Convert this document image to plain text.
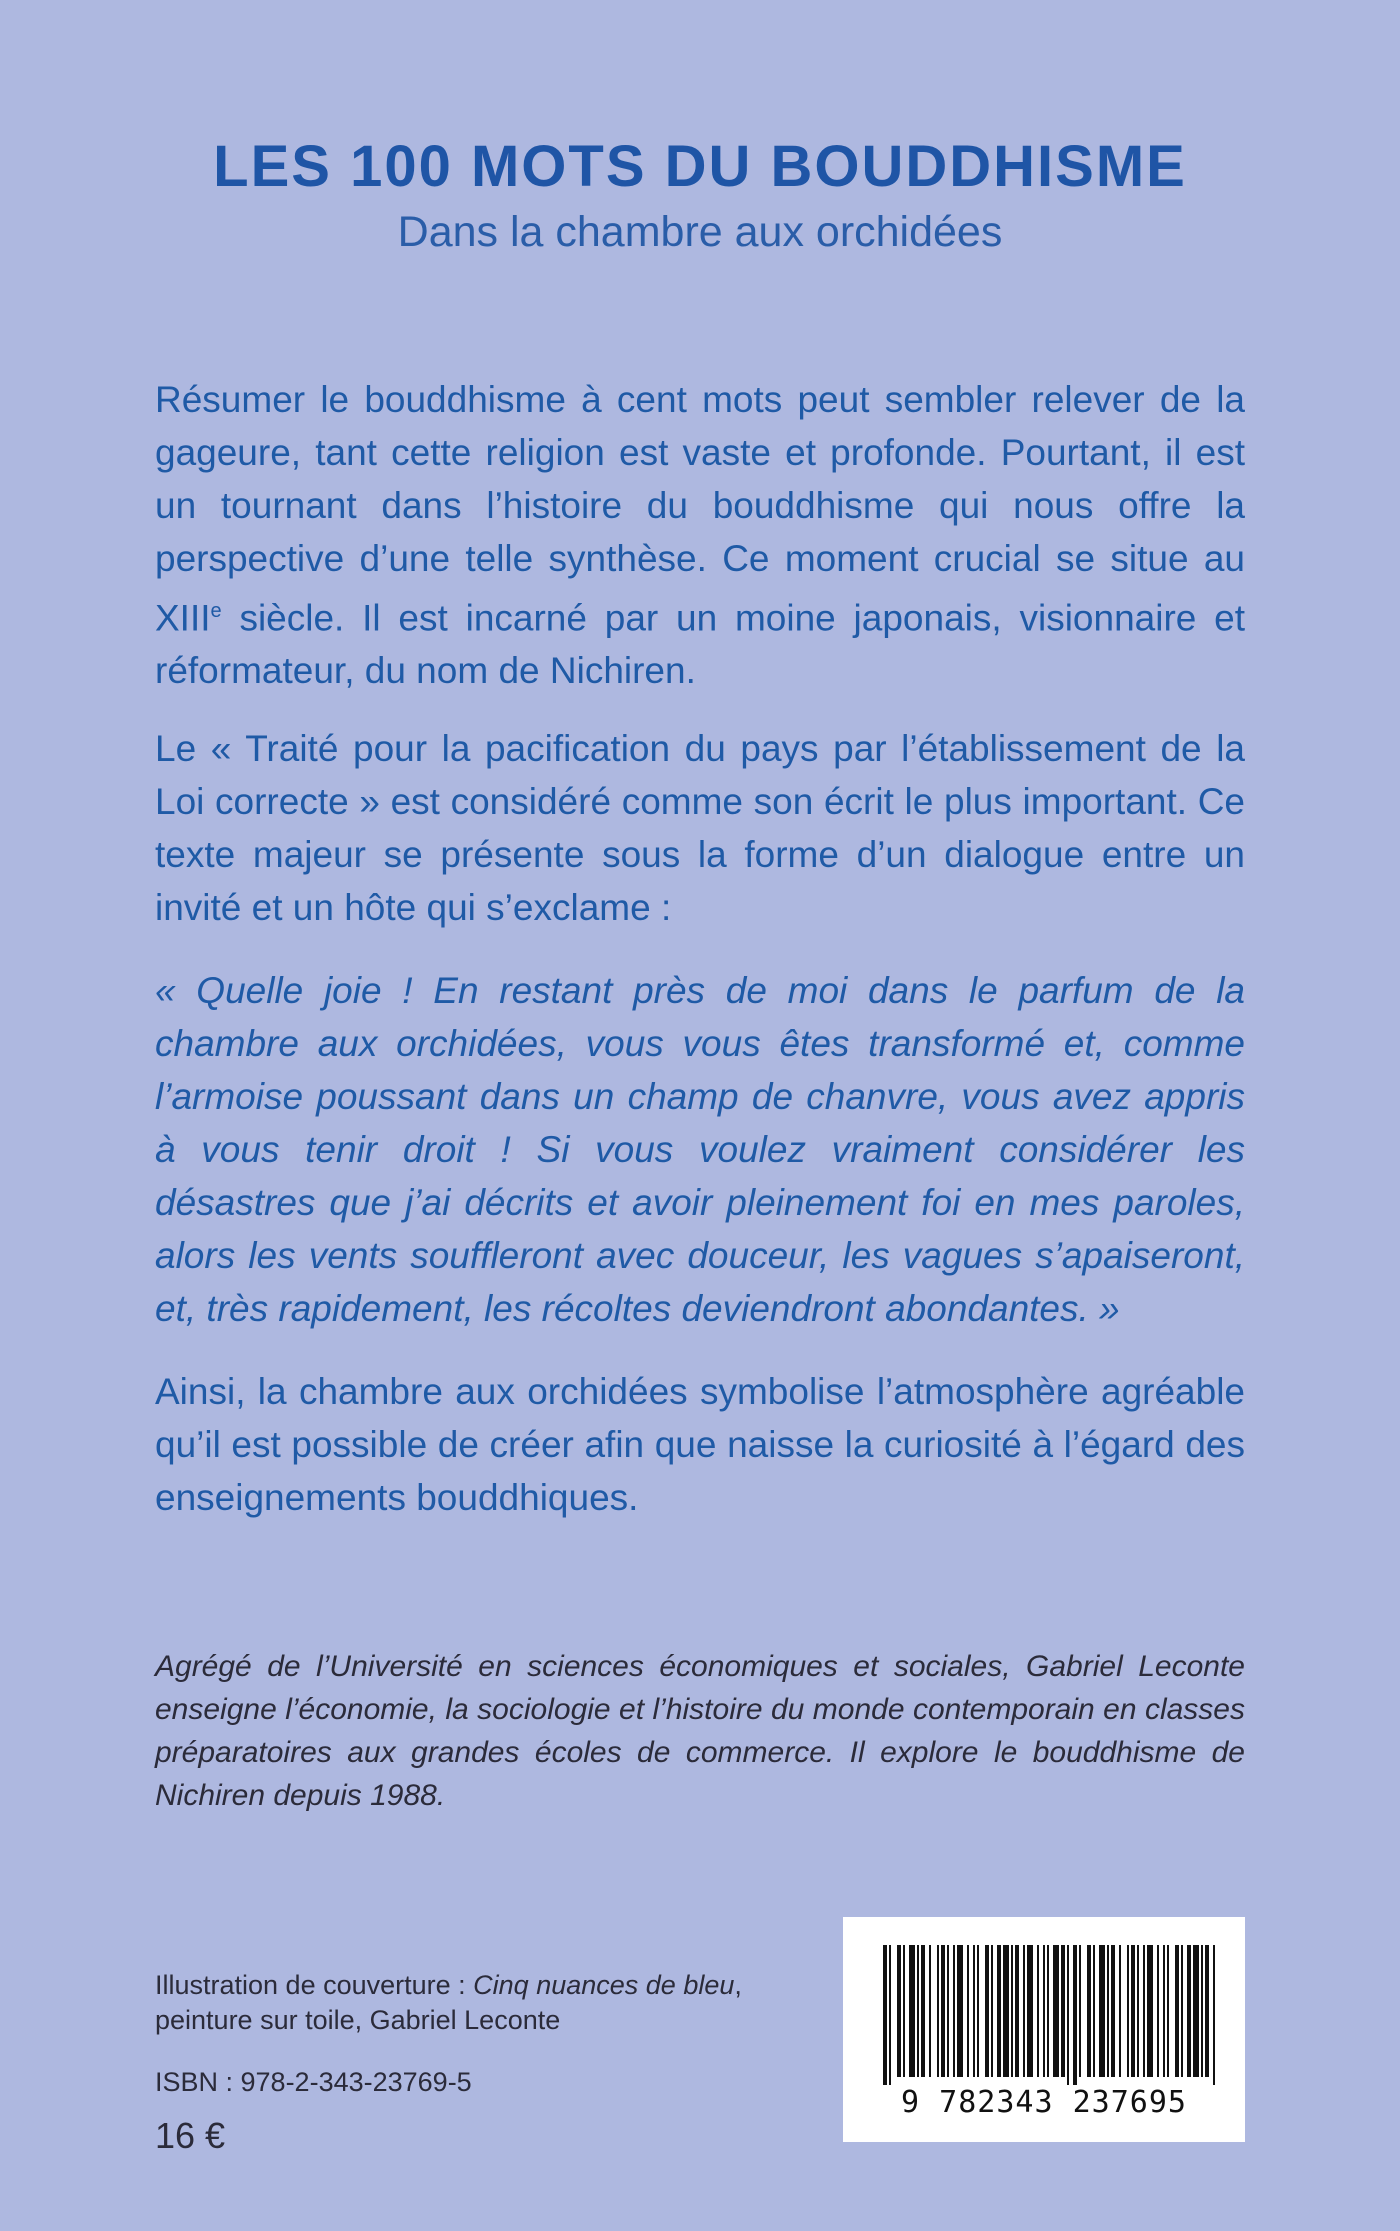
LES 100 MOTS DU BOUDDHISME
Dans la chambre aux orchidées

Résumer le bouddhisme à cent mots peut sembler relever de la gageure, tant cette religion est vaste et profonde. Pourtant, il est un tournant dans l’histoire du bouddhisme qui nous offre la perspective d’une telle synthèse. Ce moment crucial se situe au XIIIe siècle. Il est incarné par un moine japonais, visionnaire et réformateur, du nom de Nichiren.

Le « Traité pour la pacification du pays par l’établissement de la Loi correcte » est considéré comme son écrit le plus important. Ce texte majeur se présente sous la forme d’un dialogue entre un invité et un hôte qui s’exclame :

« Quelle joie ! En restant près de moi dans le parfum de la chambre aux orchidées, vous vous êtes transformé et, comme l’armoise poussant dans un champ de chanvre, vous avez appris à vous tenir droit ! Si vous voulez vraiment considérer les désastres que j’ai décrits et avoir pleinement foi en mes paroles, alors les vents souffleront avec douceur, les vagues s’apaiseront, et, très rapidement, les récoltes deviendront abondantes. »

Ainsi, la chambre aux orchidées symbolise l’atmosphère agréable qu’il est possible de créer afin que naisse la curiosité à l’égard des enseignements bouddhiques.

Agrégé de l’Université en sciences économiques et sociales, Gabriel Leconte enseigne l’économie, la sociologie et l’histoire du monde contemporain en classes préparatoires aux grandes écoles de commerce. Il explore le bouddhisme de Nichiren depuis 1988.

Illustration de couverture : Cinq nuances de bleu,
peinture sur toile, Gabriel Leconte

ISBN : 978-2-343-23769-5
16 €
9 782343 237695
